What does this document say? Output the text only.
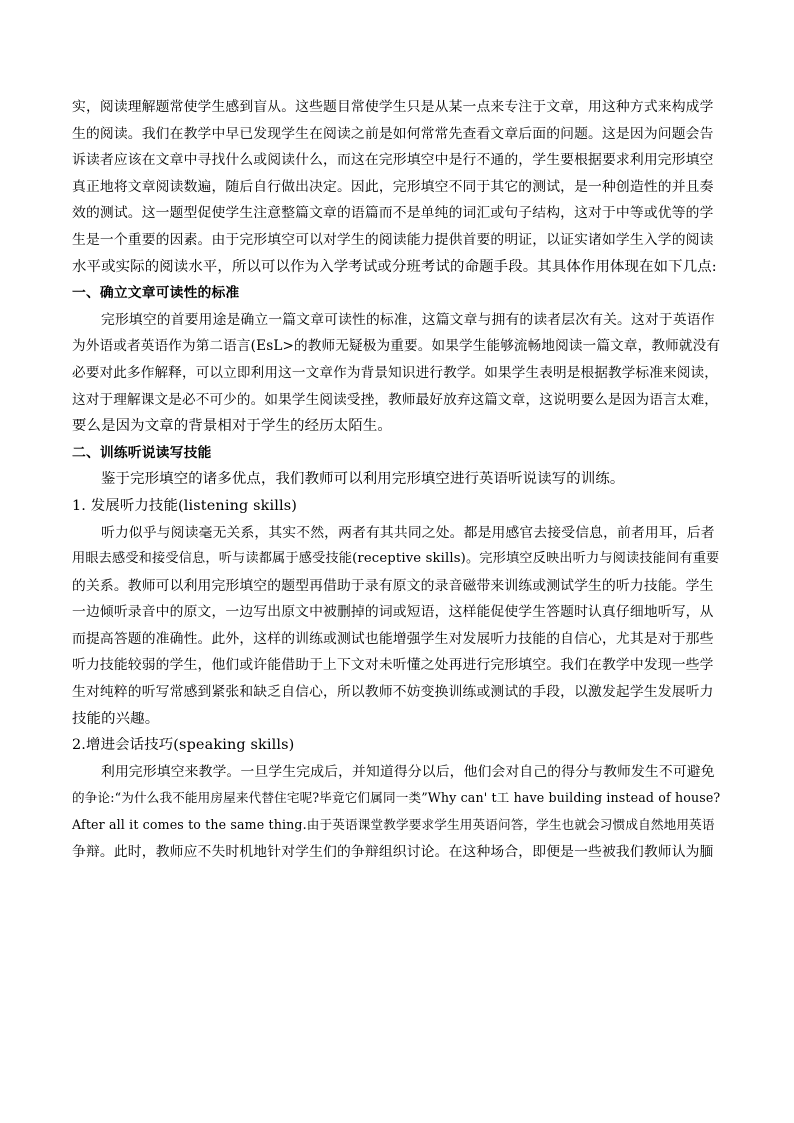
实，阅读理解题常使学生感到盲从。这些题目常使学生只是从某一点来专注于文章，用这种方式来构成学
生的阅读。我们在教学中早已发现学生在阅读之前是如何常常先查看文章后面的问题。这是因为问题会告
诉读者应该在文章中寻找什么或阅读什么，而这在完形填空中是行不通的，学生要根据要求利用完形填空
真正地将文章阅读数遍，随后自行做出决定。因此，完形填空不同于其它的测试，是一种创造性的并且奏
效的测试。这一题型促使学生注意整篇文章的语篇而不是单纯的词汇或句子结构，这对于中等或优等的学
生是一个重要的因素。由于完形填空可以对学生的阅读能力提供首要的明证，以证实诸如学生入学的阅读
水平或实际的阅读水平，所以可以作为入学考试或分班考试的命题手段。其具体作用体现在如下几点:
一、确立文章可读性的标准
完形填空的首要用途是确立一篇文章可读性的标准，这篇文章与拥有的读者层次有关。这对于英语作
为外语或者英语作为第二语言(EsL>的教师无疑极为重要。如果学生能够流畅地阅读一篇文章，教师就没有
必要对此多作解释，可以立即利用这一文章作为背景知识进行教学。如果学生表明是根据教学标准来阅读，
这对于理解课文是必不可少的。如果学生阅读受挫，教师最好放弃这篇文章，这说明要么是因为语言太难，
要么是因为文章的背景相对于学生的经历太陌生。
二、训练听说读写技能
鉴于完形填空的诸多优点，我们教师可以利用完形填空进行英语听说读写的训练。
1. 发展听力技能(listening skills)
听力似乎与阅读毫无关系，其实不然，两者有其共同之处。都是用感官去接受信息，前者用耳，后者
用眼去感受和接受信息，听与读都属于感受技能(receptive skills)。完形填空反映出听力与阅读技能间有重要
的关系。教师可以利用完形填空的题型再借助于录有原文的录音磁带来训练或测试学生的听力技能。学生
一边倾听录音中的原文，一边写出原文中被删掉的词或短语，这样能促使学生答题时认真仔细地听写，从
而提高答题的准确性。此外，这样的训练或测试也能增强学生对发展听力技能的自信心，尤其是对于那些
听力技能较弱的学生，他们或许能借助于上下文对未听懂之处再进行完形填空。我们在教学中发现一些学
生对纯粹的听写常感到紧张和缺乏自信心，所以教师不妨变换训练或测试的手段，以激发起学生发展听力
技能的兴趣。
2.增进会话技巧(speaking skills)
利用完形填空来教学。一旦学生完成后，并知道得分以后，他们会对自己的得分与教师发生不可避免
的争论:“为什么我不能用房屋来代替住宅呢?毕竟它们属同一类”Why can' t工 have building instead of house?
After all it comes to the same thing.由于英语课堂教学要求学生用英语问答，学生也就会习惯成自然地用英语
争辩。此时，教师应不失时机地针对学生们的争辩组织讨论。在这种场合，即便是一些被我们教师认为腼
